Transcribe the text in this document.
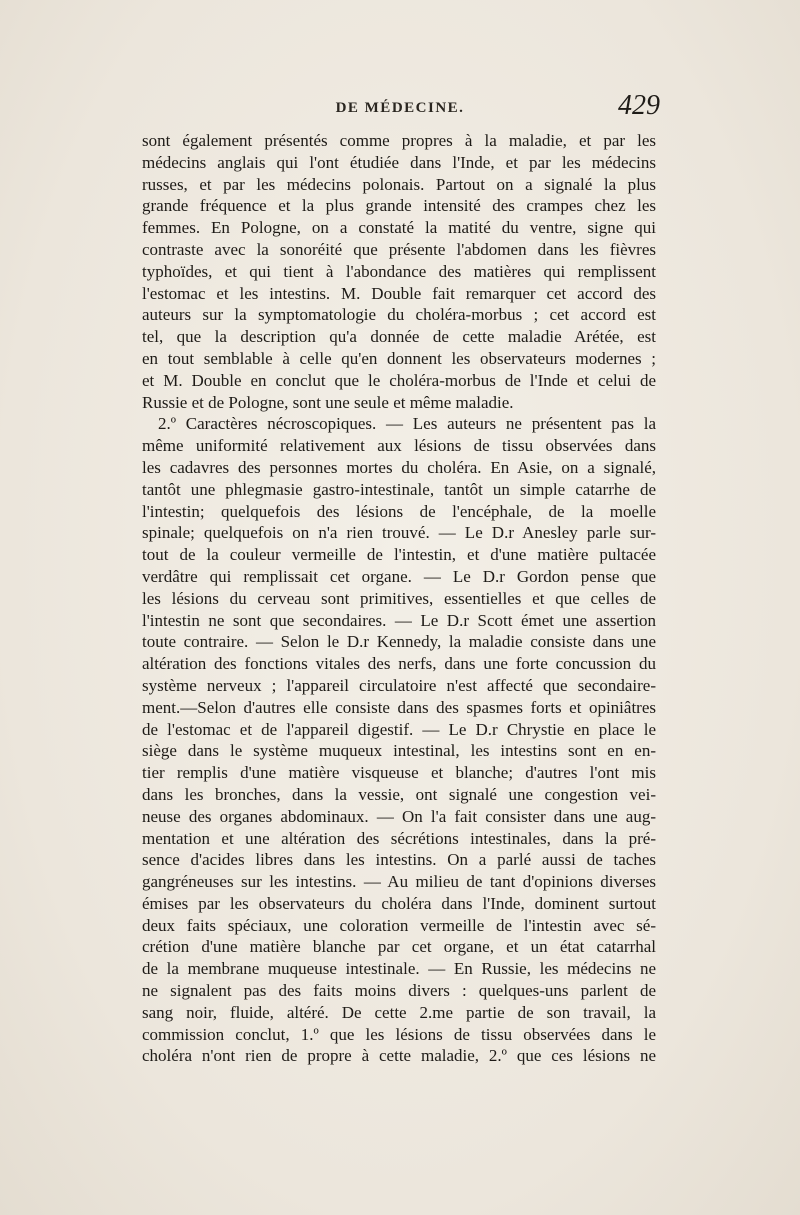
DE MÉDECINE.	429
sont également présentés comme propres à la maladie, et par les
médecins anglais qui l'ont étudiée dans l'Inde, et par les médecins
russes, et par les médecins polonais. Partout on a signalé la plus
grande fréquence et la plus grande intensité des crampes chez les
femmes. En Pologne, on a constaté la matité du ventre, signe qui
contraste avec la sonoréité que présente l'abdomen dans les fièvres
typhoïdes, et qui tient à l'abondance des matières qui remplissent
l'estomac et les intestins. M. Double fait remarquer cet accord des
auteurs sur la symptomatologie du choléra-morbus ; cet accord est
tel, que la description qu'a donnée de cette maladie Arétée, est
en tout semblable à celle qu'en donnent les observateurs modernes ;
et M. Double en conclut que le choléra-morbus de l'Inde et celui de
Russie et de Pologne, sont une seule et même maladie.
2.º Caractères nécroscopiques. — Les auteurs ne présentent pas la
même uniformité relativement aux lésions de tissu observées dans
les cadavres des personnes mortes du choléra. En Asie, on a signalé,
tantôt une phlegmasie gastro-intestinale, tantôt un simple catarrhe de
l'intestin; quelquefois des lésions de l'encéphale, de la moelle
spinale; quelquefois on n'a rien trouvé. — Le D.r Anesley parle sur-
tout de la couleur vermeille de l'intestin, et d'une matière pultacée
verdâtre qui remplissait cet organe. — Le D.r Gordon pense que
les lésions du cerveau sont primitives, essentielles et que celles de
l'intestin ne sont que secondaires. — Le D.r Scott émet une assertion
toute contraire. — Selon le D.r Kennedy, la maladie consiste dans une
altération des fonctions vitales des nerfs, dans une forte concussion du
système nerveux ; l'appareil circulatoire n'est affecté que secondaire-
ment.—Selon d'autres elle consiste dans des spasmes forts et opiniâtres
de l'estomac et de l'appareil digestif. — Le D.r Chrystie en place le
siège dans le système muqueux intestinal, les intestins sont en en-
tier remplis d'une matière visqueuse et blanche; d'autres l'ont mis
dans les bronches, dans la vessie, ont signalé une congestion vei-
neuse des organes abdominaux. — On l'a fait consister dans une aug-
mentation et une altération des sécrétions intestinales, dans la pré-
sence d'acides libres dans les intestins. On a parlé aussi de taches
gangréneuses sur les intestins. — Au milieu de tant d'opinions diverses
émises par les observateurs du choléra dans l'Inde, dominent surtout
deux faits spéciaux, une coloration vermeille de l'intestin avec sé-
crétion d'une matière blanche par cet organe, et un état catarrhal
de la membrane muqueuse intestinale. — En Russie, les médecins ne
ne signalent pas des faits moins divers : quelques-uns parlent de
sang noir, fluide, altéré. De cette 2.me partie de son travail, la
commission conclut, 1.º que les lésions de tissu observées dans le
choléra n'ont rien de propre à cette maladie, 2.º que ces lésions ne
